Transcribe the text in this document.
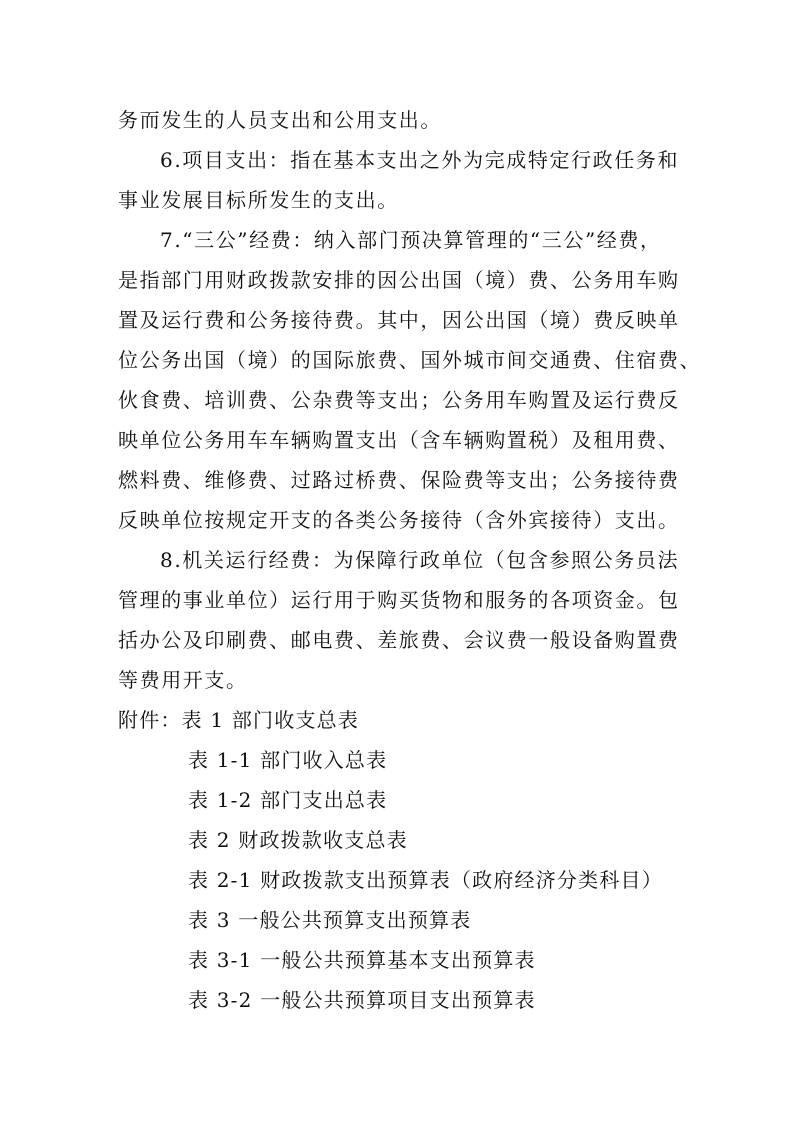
务而发生的人员支出和公用支出。
6.项目支出：指在基本支出之外为完成特定行政任务和
事业发展目标所发生的支出。
7.“三公”经费：纳入部门预决算管理的“三公”经费，
是指部门用财政拨款安排的因公出国（境）费、公务用车购
置及运行费和公务接待费。其中，因公出国（境）费反映单
位公务出国（境）的国际旅费、国外城市间交通费、住宿费、
伙食费、培训费、公杂费等支出；公务用车购置及运行费反
映单位公务用车车辆购置支出（含车辆购置税）及租用费、
燃料费、维修费、过路过桥费、保险费等支出；公务接待费
反映单位按规定开支的各类公务接待（含外宾接待）支出。
8.机关运行经费：为保障行政单位（包含参照公务员法
管理的事业单位）运行用于购买货物和服务的各项资金。包
括办公及印刷费、邮电费、差旅费、会议费一般设备购置费
等费用开支。
附件：表 1 部门收支总表
表 1-1 部门收入总表
表 1-2 部门支出总表
表 2 财政拨款收支总表
表 2-1 财政拨款支出预算表（政府经济分类科目）
表 3 一般公共预算支出预算表
表 3-1 一般公共预算基本支出预算表
表 3-2 一般公共预算项目支出预算表
